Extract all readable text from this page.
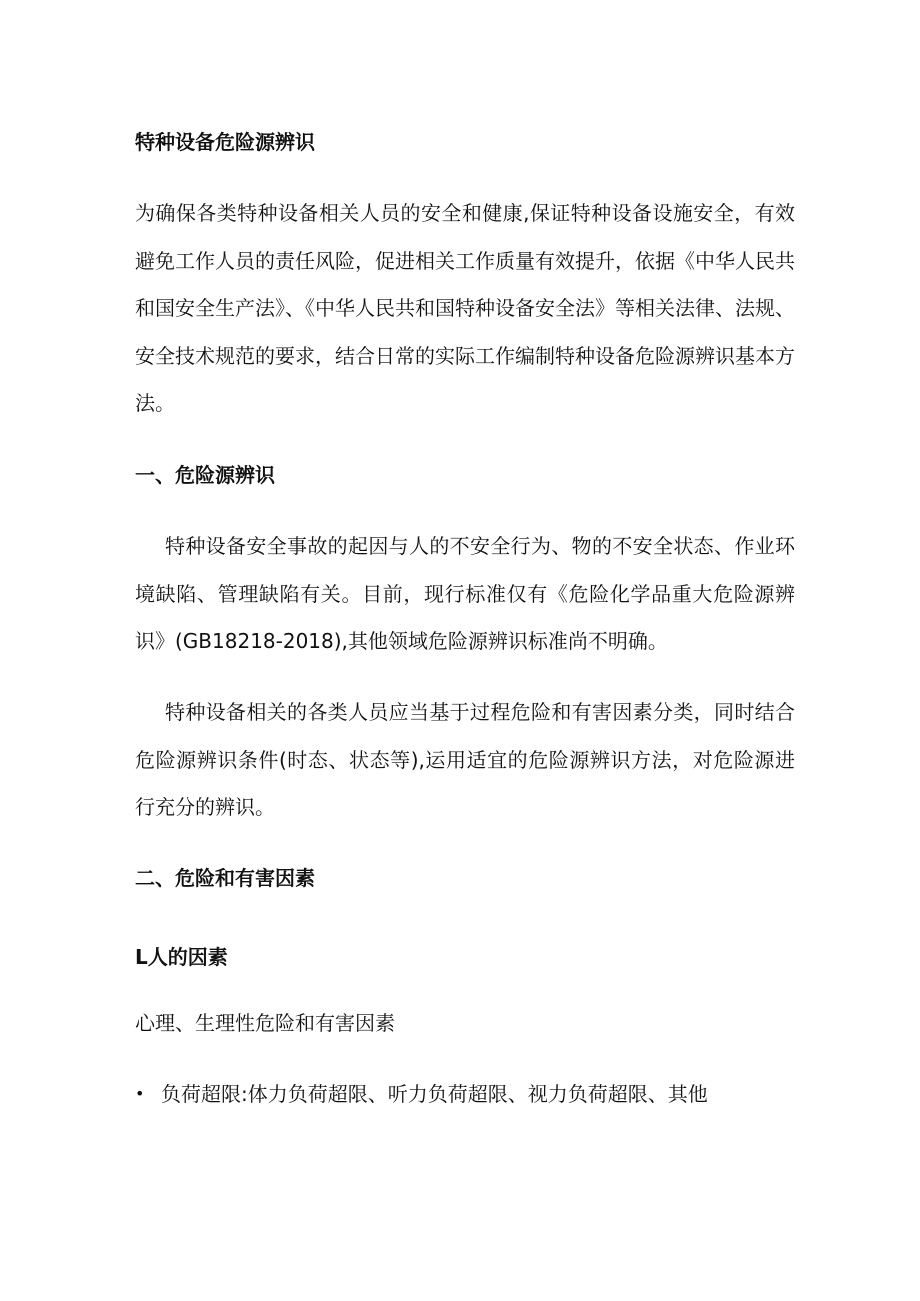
特种设备危险源辨识

为确保各类特种设备相关人员的安全和健康,保证特种设备设施安全，有效避免工作人员的责任风险，促进相关工作质量有效提升，依据《中华人民共和国安全生产法》、《中华人民共和国特种设备安全法》等相关法律、法规、安全技术规范的要求，结合日常的实际工作编制特种设备危险源辨识基本方法。

一、危险源辨识

特种设备安全事故的起因与人的不安全行为、物的不安全状态、作业环境缺陷、管理缺陷有关。目前，现行标准仅有《危险化学品重大危险源辨识》(GB18218-2018),其他领域危险源辨识标准尚不明确。

特种设备相关的各类人员应当基于过程危险和有害因素分类，同时结合危险源辨识条件(时态、状态等),运用适宜的危险源辨识方法，对危险源进行充分的辨识。

二、危险和有害因素
L人的因素

心理、生理性危险和有害因素

• 负荷超限:体力负荷超限、听力负荷超限、视力负荷超限、其他
